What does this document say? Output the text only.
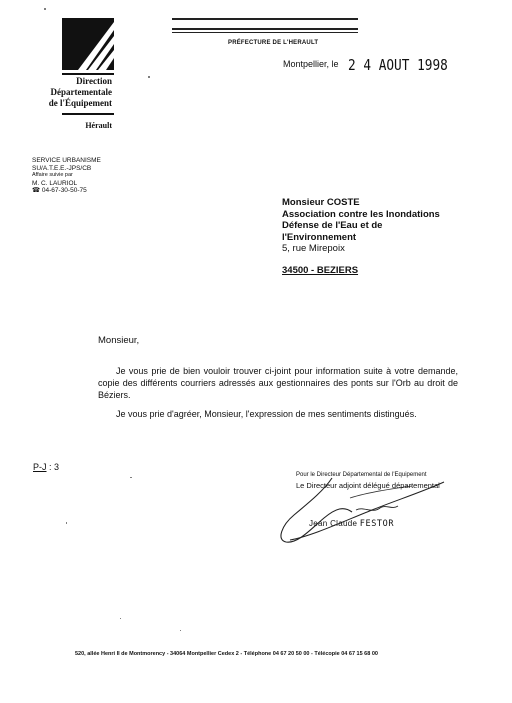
Direction
Départementale
de l'Équipement
Hérault
PRÉFECTURE DE L'HERAULT
Montpellier, le 2 4 AOUT 1998
SERVICE URBANISME
SU/A.T.E.E.-JPS/CB
Affaire suivie par
M. C. LAURIOL
☎ 04-67-30-50-75
Monsieur COSTE
Association contre les Inondations
Défense de l'Eau et de
l'Environnement
5, rue Mirepoix
34500 - BEZIERS
Monsieur,
Je vous prie de bien vouloir trouver ci-joint pour information suite à votre demande, copie des différents courriers adressés aux gestionnaires des ponts sur l'Orb au droit de Béziers.
Je vous prie d'agréer, Monsieur, l'expression de mes sentiments distingués.
P-J : 3
Pour le Directeur Départemental de l'Equipement
Le Directeur adjoint délégué départemental
Jean Claude FESTOR
520, allée Henri II de Montmorency - 34064 Montpellier Cedex 2 - Téléphone 04 67 20 50 00 - Télécopie 04 67 15 68 00
